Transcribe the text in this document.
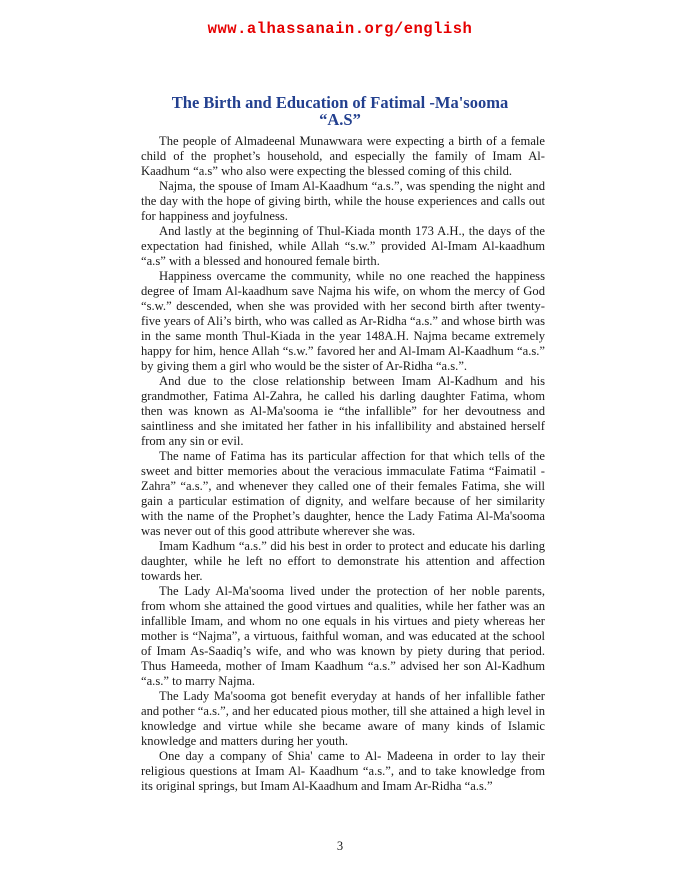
www.alhassanain.org/english
The Birth and Education of Fatimal -Ma'sooma
“A.S”

The people of Almadeenal Munawwara were expecting a birth of a female child of the prophet’s household, and especially the family of Imam Al-Kaadhum “a.s” who also were expecting the blessed coming of this child.

Najma, the spouse of Imam Al-Kaadhum “a.s.”, was spending the night and the day with the hope of giving birth, while the house experiences and calls out for happiness and joyfulness.

And lastly at the beginning of Thul-Kiada month 173 A.H., the days of the expectation had finished, while Allah “s.w.” provided Al-Imam Al-kaadhum “a.s” with a blessed and honoured female birth.

Happiness overcame the community, while no one reached the happiness degree of Imam Al-kaadhum save Najma his wife, on whom the mercy of God “s.w.” descended, when she was provided with her second birth after twenty-five years of Ali’s birth, who was called as Ar-Ridha “a.s.” and whose birth was in the same month Thul-Kiada in the year 148A.H. Najma became extremely happy for him, hence Allah “s.w.” favored her and Al-Imam Al-Kaadhum “a.s.” by giving them a girl who would be the sister of Ar-Ridha “a.s.”.

And due to the close relationship between Imam Al-Kadhum and his grandmother, Fatima Al-Zahra, he called his darling daughter Fatima, whom then was known as Al-Ma'sooma ie “the infallible” for her devoutness and saintliness and she imitated her father in his infallibility and abstained herself from any sin or evil.

The name of Fatima has its particular affection for that which tells of the sweet and bitter memories about the veracious immaculate Fatima “Faimatil -Zahra” “a.s.”, and whenever they called one of their females Fatima, she will gain a particular estimation of dignity, and welfare because of her similarity with the name of the Prophet’s daughter, hence the Lady Fatima Al-Ma'sooma was never out of this good attribute wherever she was.

Imam Kadhum “a.s.” did his best in order to protect and educate his darling daughter, while he left no effort to demonstrate his attention and affection towards her.

The Lady Al-Ma'sooma lived under the protection of her noble parents, from whom she attained the good virtues and qualities, while her father was an infallible Imam, and whom no one equals in his virtues and piety whereas her mother is “Najma”, a virtuous, faithful woman, and was educated at the school of Imam As-Saadiq’s wife, and who was known by piety during that period. Thus Hameeda, mother of Imam Kaadhum “a.s.” advised her son Al-Kadhum “a.s.” to marry Najma.

The Lady Ma'sooma got benefit everyday at hands of her infallible father and pother “a.s.”, and her educated pious mother, till she attained a high level in knowledge and virtue while she became aware of many kinds of Islamic knowledge and matters during her youth.

One day a company of Shia' came to Al- Madeena in order to lay their religious questions at Imam Al- Kaadhum “a.s.”, and to take knowledge from its original springs, but Imam Al-Kaadhum and Imam Ar-Ridha “a.s.”

3
